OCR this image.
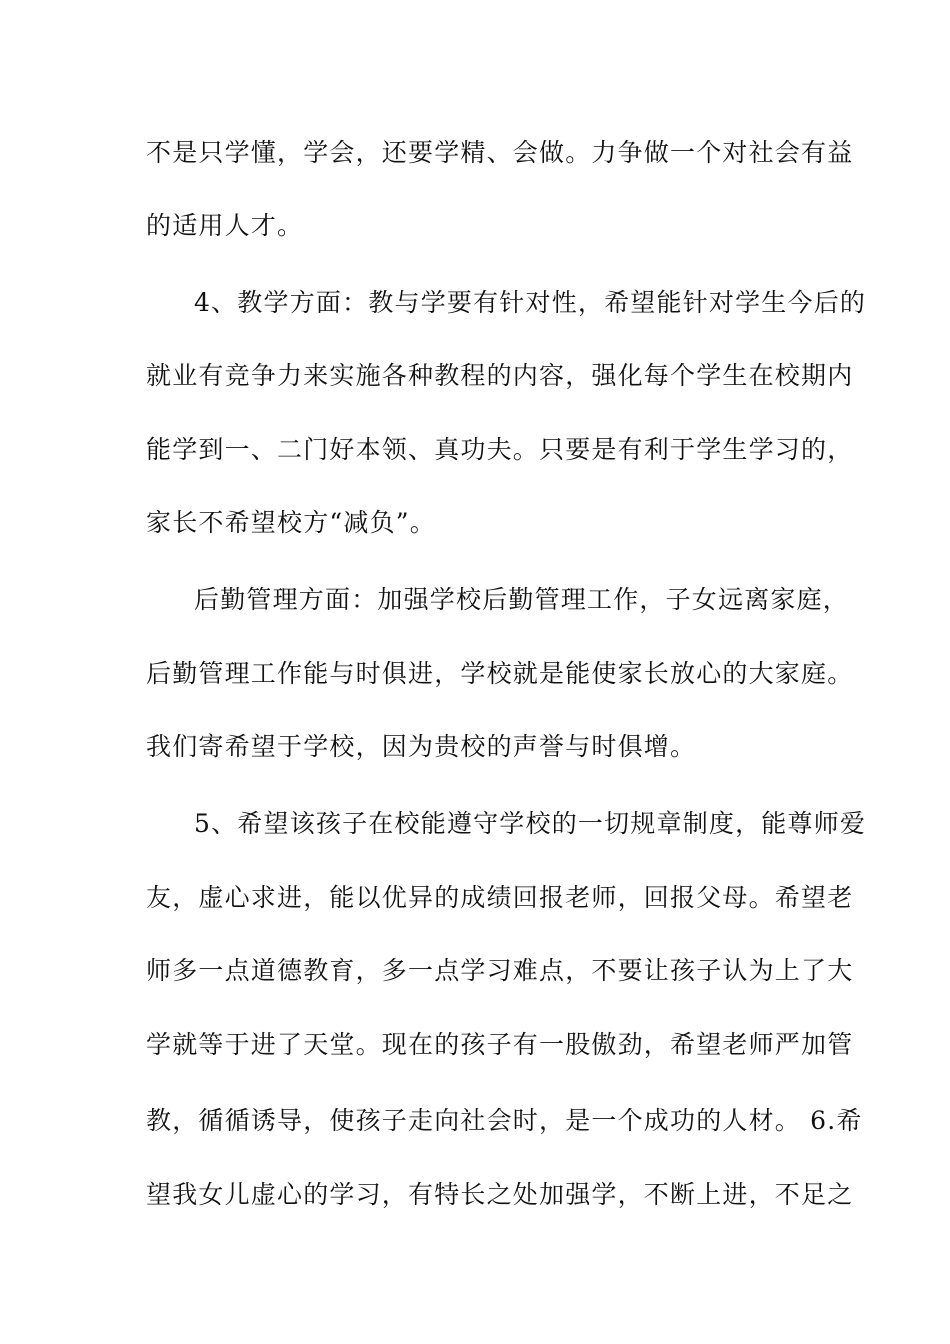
不是只学懂，学会，还要学精、会做。力争做一个对社会有益
的适用人才。
4、教学方面：教与学要有针对性，希望能针对学生今后的
就业有竞争力来实施各种教程的内容，强化每个学生在校期内
能学到一、二门好本领、真功夫。只要是有利于学生学习的，
家长不希望校方“减负”。
后勤管理方面：加强学校后勤管理工作，子女远离家庭，
后勤管理工作能与时俱进，学校就是能使家长放心的大家庭。
我们寄希望于学校，因为贵校的声誉与时俱增。
5、希望该孩子在校能遵守学校的一切规章制度，能尊师爱
友，虚心求进，能以优异的成绩回报老师，回报父母。希望老
师多一点道德教育，多一点学习难点，不要让孩子认为上了大
学就等于进了天堂。现在的孩子有一股傲劲，希望老师严加管
教，循循诱导，使孩子走向社会时，是一个成功的人材。 6.希
望我女儿虚心的学习，有特长之处加强学，不断上进，不足之
